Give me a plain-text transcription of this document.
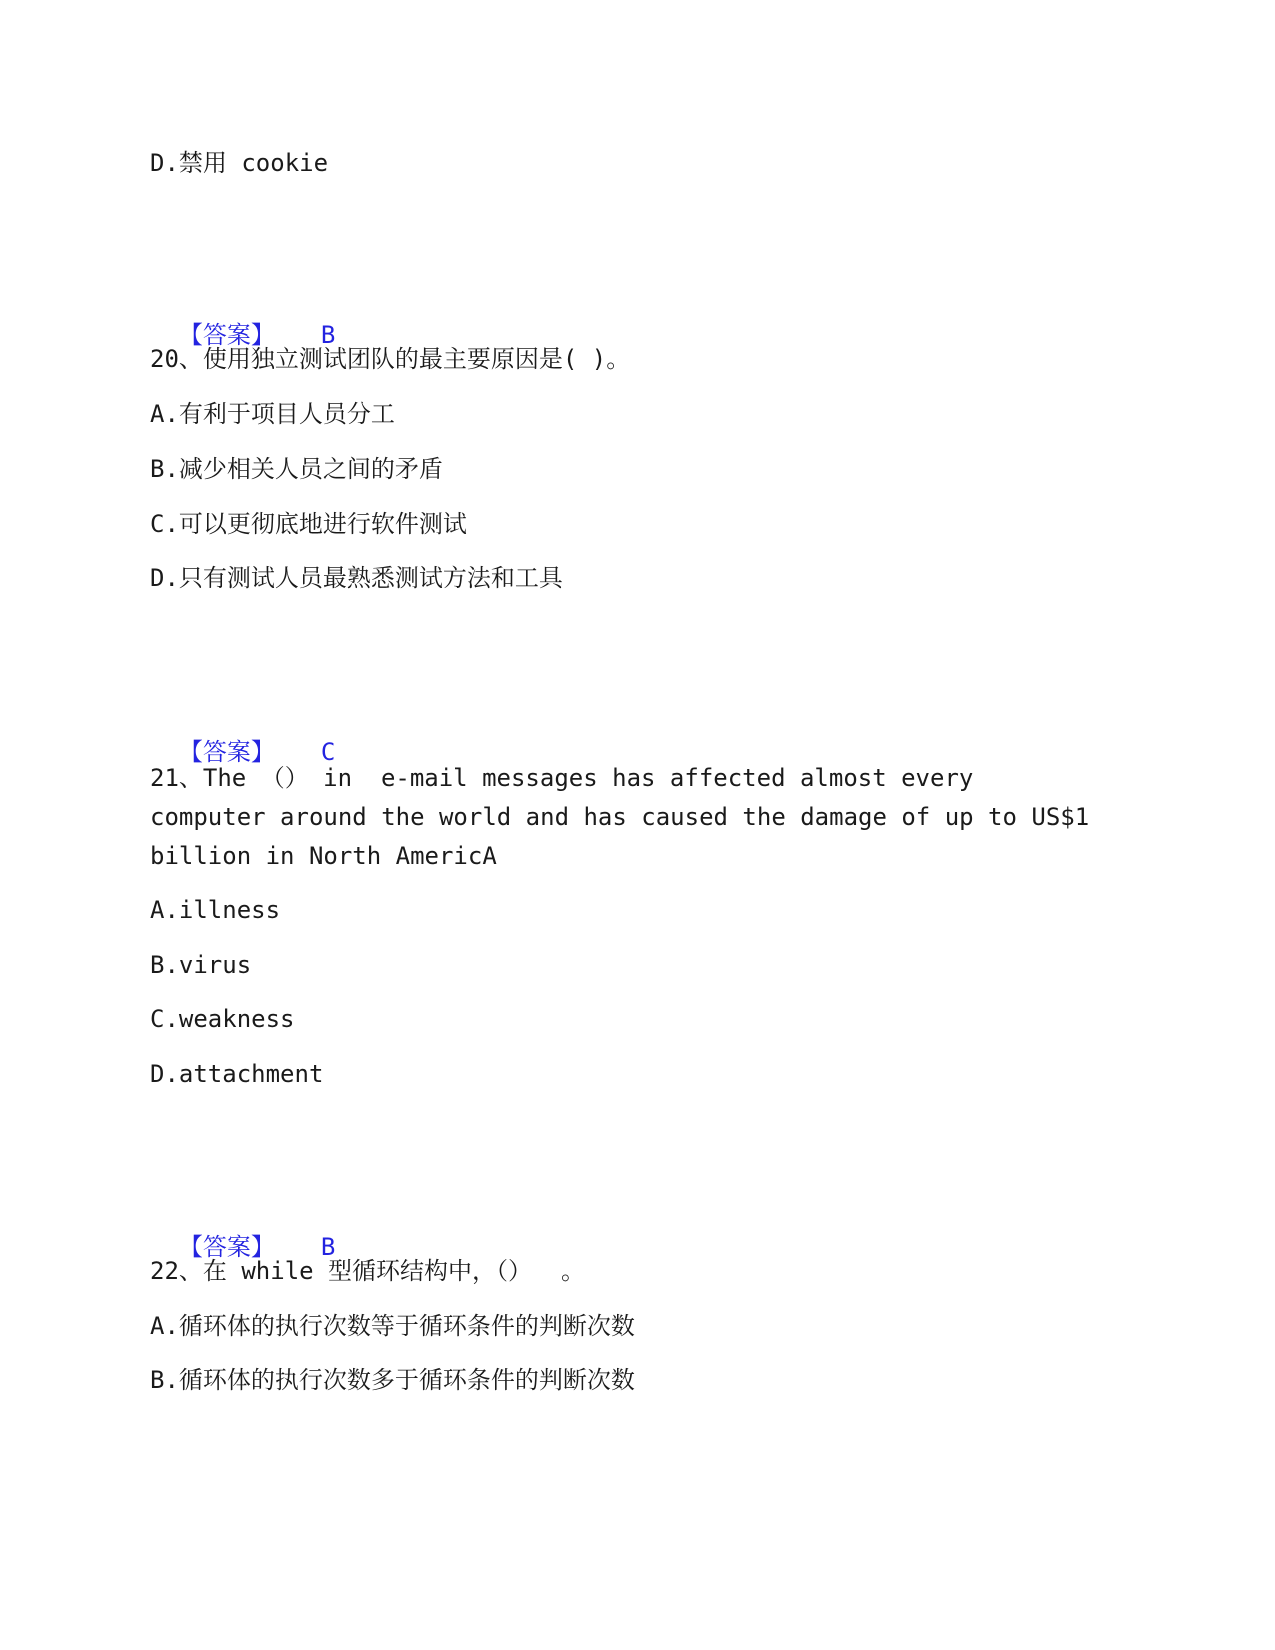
D.禁用 cookie

【答案】 B

20、使用独立测试团队的最主要原因是( )。
A.有利于项目人员分工
B.减少相关人员之间的矛盾
C.可以更彻底地进行软件测试
D.只有测试人员最熟悉测试方法和工具

【答案】 C

21、The （） in  e-mail messages has affected almost every
computer around the world and has caused the damage of up to US$1
billion in North AmericA
A.illness
B.virus
C.weakness
D.attachment

【答案】 B

22、在 while 型循环结构中，（）  。
A.循环体的执行次数等于循环条件的判断次数
B.循环体的执行次数多于循环条件的判断次数
